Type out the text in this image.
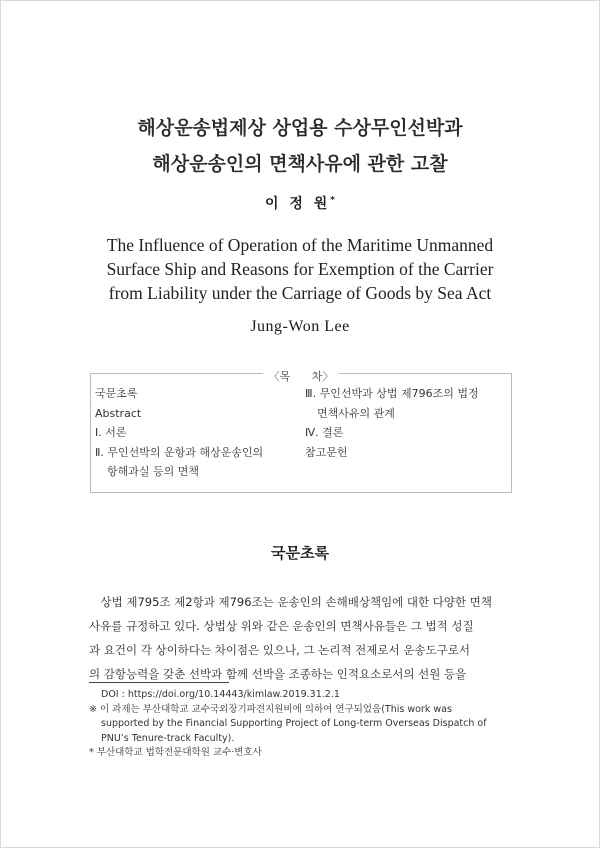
해상운송법제상 상업용 수상무인선박과
해상운송인의 면책사유에 관한 고찰
이 정 원*
The Influence of Operation of the Maritime Unmanned
Surface Ship and Reasons for Exemption of the Carrier
from Liability under the Carriage of Goods by Sea Act
Jung-Won Lee
〈목 차〉
국문초록
Abstract
Ⅰ. 서론
Ⅱ. 무인선박의 운항과 해상운송인의
항해과실 등의 면책
Ⅲ. 무인선박과 상법 제796조의 법정
면책사유의 관계
Ⅳ. 결론
참고문헌
국문초록
　상법 제795조 제2항과 제796조는 운송인의 손해배상책임에 대한 다양한 면책
사유를 규정하고 있다. 상법상 위와 같은 운송인의 면책사유들은 그 법적 성질
과 요건이 각 상이하다는 차이점은 있으나, 그 논리적 전제로서 운송도구로서
의 감항능력을 갖춘 선박과 함께 선박을 조종하는 인적요소로서의 선원 등을
DOI : https://doi.org/10.14443/kimlaw.2019.31.2.1
※ 이 과제는 부산대학교 교수국외장기파견지원비에 의하여 연구되었음(This work was
supported by the Financial Supporting Project of Long-term Overseas Dispatch of
PNU’s Tenure-track Faculty).
* 부산대학교 법학전문대학원 교수·변호사
